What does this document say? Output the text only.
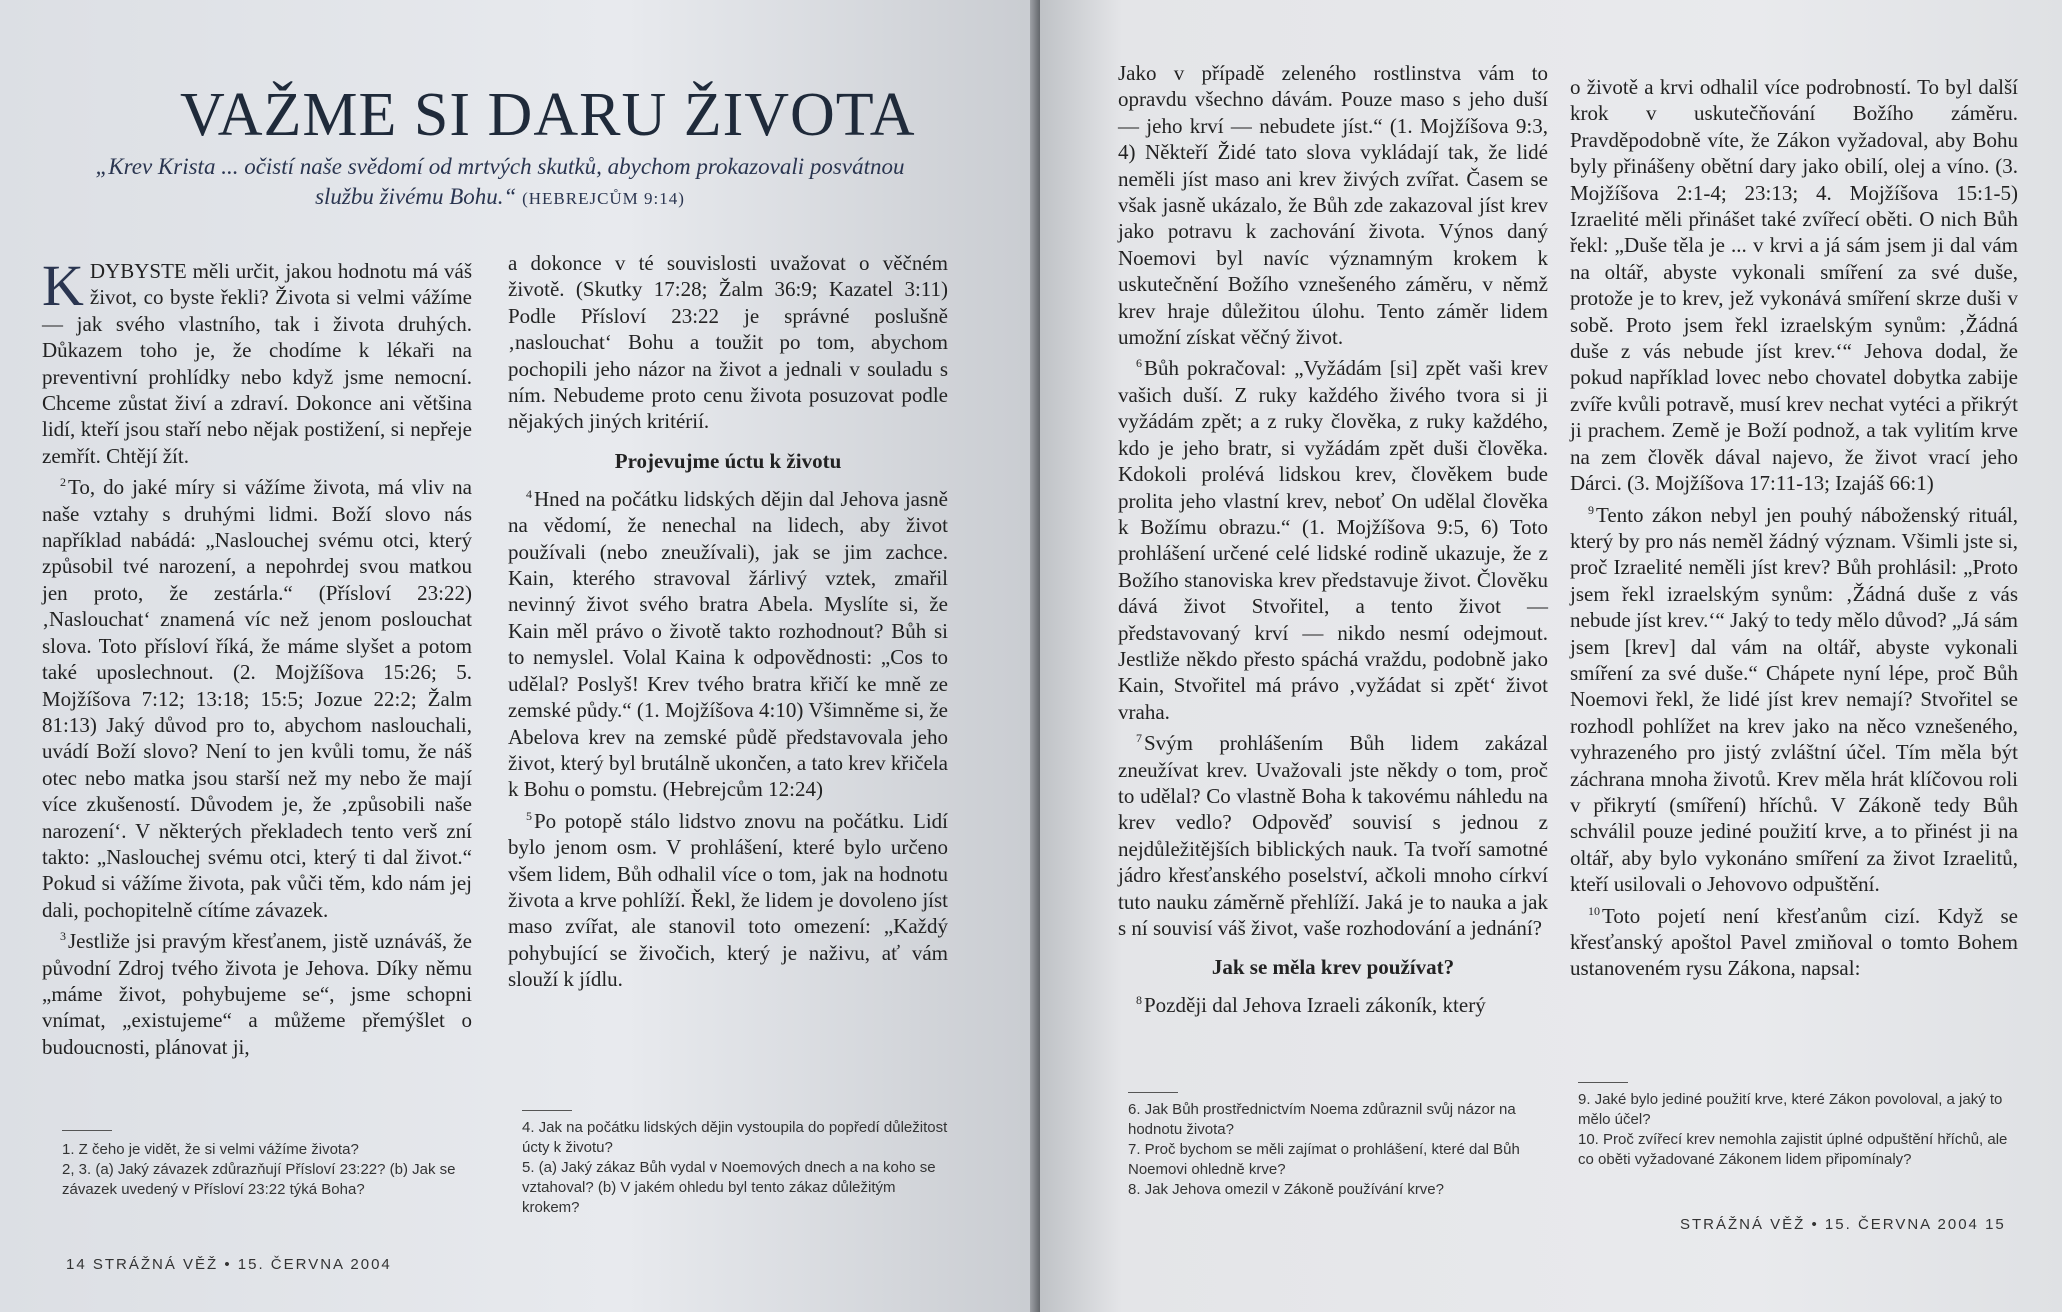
VAŽME SI DARU ŽIVOTA
„Krev Krista ... očistí naše svědomí od mrtvých skutků, abychom prokazovali posvátnou službu živému Bohu.“ (HEBREJCŮM 9:14)

KDYBYSTE měli určit, jakou hodnotu má váš život, co byste řekli? Života si velmi vážíme — jak svého vlastního, tak i života druhých. Důkazem toho je, že chodíme k lékaři na preventivní prohlídky nebo když jsme nemocní. Chceme zůstat živí a zdraví. Dokonce ani většina lidí, kteří jsou staří nebo nějak postižení, si nepřeje zemřít. Chtějí žít.

$^2$To, do jaké míry si vážíme života, má vliv na naše vztahy s druhými lidmi. Boží slovo nás například nabádá: „Naslouchej svému otci, který způsobil tvé narození, a nepohrdej svou matkou jen proto, že zestárla.“ (Přísloví 23:22) ‚Naslouchat‘ znamená víc než jenom poslouchat slova. Toto přísloví říká, že máme slyšet a potom také uposlechnout. (2. Mojžíšova 15:26; 5. Mojžíšova 7:12; 13:18; 15:5; Jozue 22:2; Žalm 81:13) Jaký důvod pro to, abychom naslouchali, uvádí Boží slovo? Není to jen kvůli tomu, že náš otec nebo matka jsou starší než my nebo že mají více zkušeností. Důvodem je, že ‚způsobili naše narození‘. V některých překladech tento verš zní takto: „Naslouchej svému otci, který ti dal život.“ Pokud si vážíme života, pak vůči těm, kdo nám jej dali, pochopitelně cítíme závazek.

$^3$Jestliže jsi pravým křesťanem, jistě uznáváš, že původní Zdroj tvého života je Jehova. Díky němu „máme život, pohybujeme se“, jsme schopni vnímat, „existujeme“ a můžeme přemýšlet o budoucnosti, plánovat ji,

a dokonce v té souvislosti uvažovat o věčném životě. (Skutky 17:28; Žalm 36:9; Kazatel 3:11) Podle Přísloví 23:22 je správné poslušně ‚naslouchat‘ Bohu a toužit po tom, abychom pochopili jeho názor na život a jednali v souladu s ním. Nebudeme proto cenu života posuzovat podle nějakých jiných kritérií.

Projevujme úctu k životu

$^4$Hned na počátku lidských dějin dal Jehova jasně na vědomí, že nenechal na lidech, aby život používali (nebo zneužívali), jak se jim zachce. Kain, kterého stravoval žárlivý vztek, zmařil nevinný život svého bratra Abela. Myslíte si, že Kain měl právo o životě takto rozhodnout? Bůh si to nemyslel. Volal Kaina k odpovědnosti: „Cos to udělal? Poslyš! Krev tvého bratra křičí ke mně ze zemské půdy.“ (1. Mojžíšova 4:10) Všimněme si, že Abelova krev na zemské půdě představovala jeho život, který byl brutálně ukončen, a tato krev křičela k Bohu o pomstu. (Hebrejcům 12:24)

$^5$Po potopě stálo lidstvo znovu na počátku. Lidí bylo jenom osm. V prohlášení, které bylo určeno všem lidem, Bůh odhalil více o tom, jak na hodnotu života a krve pohlíží. Řekl, že lidem je dovoleno jíst maso zvířat, ale stanovil toto omezení: „Každý pohybující se živočich, který je naživu, ať vám slouží k jídlu.

1. Z čeho je vidět, že si velmi vážíme života?
2, 3. (a) Jaký závazek zdůrazňují Přísloví 23:22? (b) Jak se závazek uvedený v Přísloví 23:22 týká Boha?
4. Jak na počátku lidských dějin vystoupila do popředí důležitost úcty k životu?
5. (a) Jaký zákaz Bůh vydal v Noemových dnech a na koho se vztahoval? (b) V jakém ohledu byl tento zákaz důležitým krokem?
14 STRÁŽNÁ VĚŽ • 15. ČERVNA 2004

Jako v případě zeleného rostlinstva vám to opravdu všechno dávám. Pouze maso s jeho duší — jeho krví — nebudete jíst.“ (1. Mojžíšova 9:3, 4) Někteří Židé tato slova vykládají tak, že lidé neměli jíst maso ani krev živých zvířat. Časem se však jasně ukázalo, že Bůh zde zakazoval jíst krev jako potravu k zachování života. Výnos daný Noemovi byl navíc významným krokem k uskutečnění Božího vznešeného záměru, v němž krev hraje důležitou úlohu. Tento záměr lidem umožní získat věčný život.

$^6$Bůh pokračoval: „Vyžádám [si] zpět vaši krev vašich duší. Z ruky každého živého tvora si ji vyžádám zpět; a z ruky člověka, z ruky každého, kdo je jeho bratr, si vyžádám zpět duši člověka. Kdokoli prolévá lidskou krev, člověkem bude prolita jeho vlastní krev, neboť On udělal člověka k Božímu obrazu.“ (1. Mojžíšova 9:5, 6) Toto prohlášení určené celé lidské rodině ukazuje, že z Božího stanoviska krev představuje život. Člověku dává život Stvořitel, a tento život — představovaný krví — nikdo nesmí odejmout. Jestliže někdo přesto spáchá vraždu, podobně jako Kain, Stvořitel má právo ‚vyžádat si zpět‘ život vraha.

$^7$Svým prohlášením Bůh lidem zakázal zneužívat krev. Uvažovali jste někdy o tom, proč to udělal? Co vlastně Boha k takovému náhledu na krev vedlo? Odpověď souvisí s jednou z nejdůležitějších biblických nauk. Ta tvoří samotné jádro křesťanského poselství, ačkoli mnoho církví tuto nauku záměrně přehlíží. Jaká je to nauka a jak s ní souvisí váš život, vaše rozhodování a jednání?

Jak se měla krev používat?

$^8$Později dal Jehova Izraeli zákoník, který

o životě a krvi odhalil více podrobností. To byl další krok v uskutečňování Božího záměru. Pravděpodobně víte, že Zákon vyžadoval, aby Bohu byly přinášeny obětní dary jako obilí, olej a víno. (3. Mojžíšova 2:1-4; 23:13; 4. Mojžíšova 15:1-5) Izraelité měli přinášet také zvířecí oběti. O nich Bůh řekl: „Duše těla je ... v krvi a já sám jsem ji dal vám na oltář, abyste vykonali smíření za své duše, protože je to krev, jež vykonává smíření skrze duši v sobě. Proto jsem řekl izraelským synům: ‚Žádná duše z vás nebude jíst krev.‘“ Jehova dodal, že pokud například lovec nebo chovatel dobytka zabije zvíře kvůli potravě, musí krev nechat vytéci a přikrýt ji prachem. Země je Boží podnož, a tak vylitím krve na zem člověk dával najevo, že život vrací jeho Dárci. (3. Mojžíšova 17:11-13; Izajáš 66:1)

$^9$Tento zákon nebyl jen pouhý náboženský rituál, který by pro nás neměl žádný význam. Všimli jste si, proč Izraelité neměli jíst krev? Bůh prohlásil: „Proto jsem řekl izraelským synům: ‚Žádná duše z vás nebude jíst krev.‘“ Jaký to tedy mělo důvod? „Já sám jsem [krev] dal vám na oltář, abyste vykonali smíření za své duše.“ Chápete nyní lépe, proč Bůh Noemovi řekl, že lidé jíst krev nemají? Stvořitel se rozhodl pohlížet na krev jako na něco vznešeného, vyhrazeného pro jistý zvláštní účel. Tím měla být záchrana mnoha životů. Krev měla hrát klíčovou roli v přikrytí (smíření) hříchů. V Zákoně tedy Bůh schválil pouze jediné použití krve, a to přinést ji na oltář, aby bylo vykonáno smíření za život Izraelitů, kteří usilovali o Jehovovo odpuštění.

$^{10}$Toto pojetí není křesťanům cizí. Když se křesťanský apoštol Pavel zmiňoval o tomto Bohem ustanoveném rysu Zákona, napsal:

6. Jak Bůh prostřednictvím Noema zdůraznil svůj názor na hodnotu života?
7. Proč bychom se měli zajímat o prohlášení, které dal Bůh Noemovi ohledně krve?
8. Jak Jehova omezil v Zákoně používání krve?
9. Jaké bylo jediné použití krve, které Zákon povoloval, a jaký to mělo účel?
10. Proč zvířecí krev nemohla zajistit úplné odpuštění hříchů, ale co oběti vyžadované Zákonem lidem připomínaly?
STRÁŽNÁ VĚŽ • 15. ČERVNA 2004 15
